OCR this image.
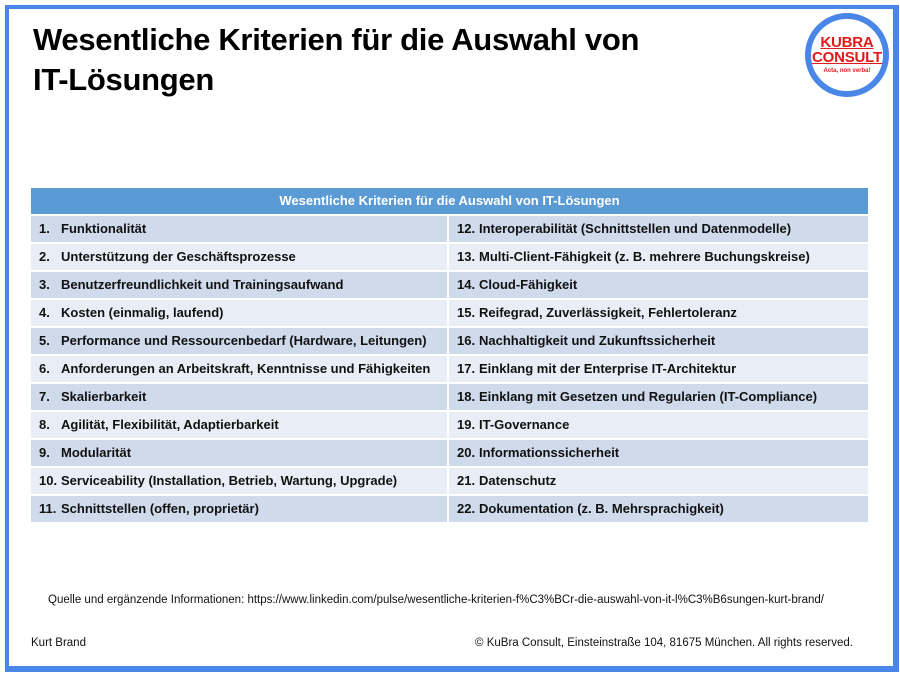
Wesentliche Kriterien für die Auswahl von
IT-Lösungen
KUBRA
CONSULT
Acta, non verba!
Wesentliche Kriterien für die Auswahl von IT-Lösungen
1. Funktionalität	12. Interoperabilität (Schnittstellen und Datenmodelle)
2. Unterstützung der Geschäftsprozesse	13. Multi-Client-Fähigkeit (z. B. mehrere Buchungskreise)
3. Benutzerfreundlichkeit und Trainingsaufwand	14. Cloud-Fähigkeit
4. Kosten (einmalig, laufend)	15. Reifegrad, Zuverlässigkeit, Fehlertoleranz
5. Performance und Ressourcenbedarf (Hardware, Leitungen)	16. Nachhaltigkeit und Zukunftssicherheit
6. Anforderungen an Arbeitskraft, Kenntnisse und Fähigkeiten	17. Einklang mit der Enterprise IT-Architektur
7. Skalierbarkeit	18. Einklang mit Gesetzen und Regularien (IT-Compliance)
8. Agilität, Flexibilität, Adaptierbarkeit	19. IT-Governance
9. Modularität	20. Informationssicherheit
10. Serviceability (Installation, Betrieb, Wartung, Upgrade)	21. Datenschutz
11. Schnittstellen (offen, proprietär)	22. Dokumentation (z. B. Mehrsprachigkeit)
Quelle und ergänzende Informationen: https://www.linkedin.com/pulse/wesentliche-kriterien-f%C3%BCr-die-auswahl-von-it-l%C3%B6sungen-kurt-brand/
Kurt Brand	© KuBra Consult, Einsteinstraße 104, 81675 München. All rights reserved.
